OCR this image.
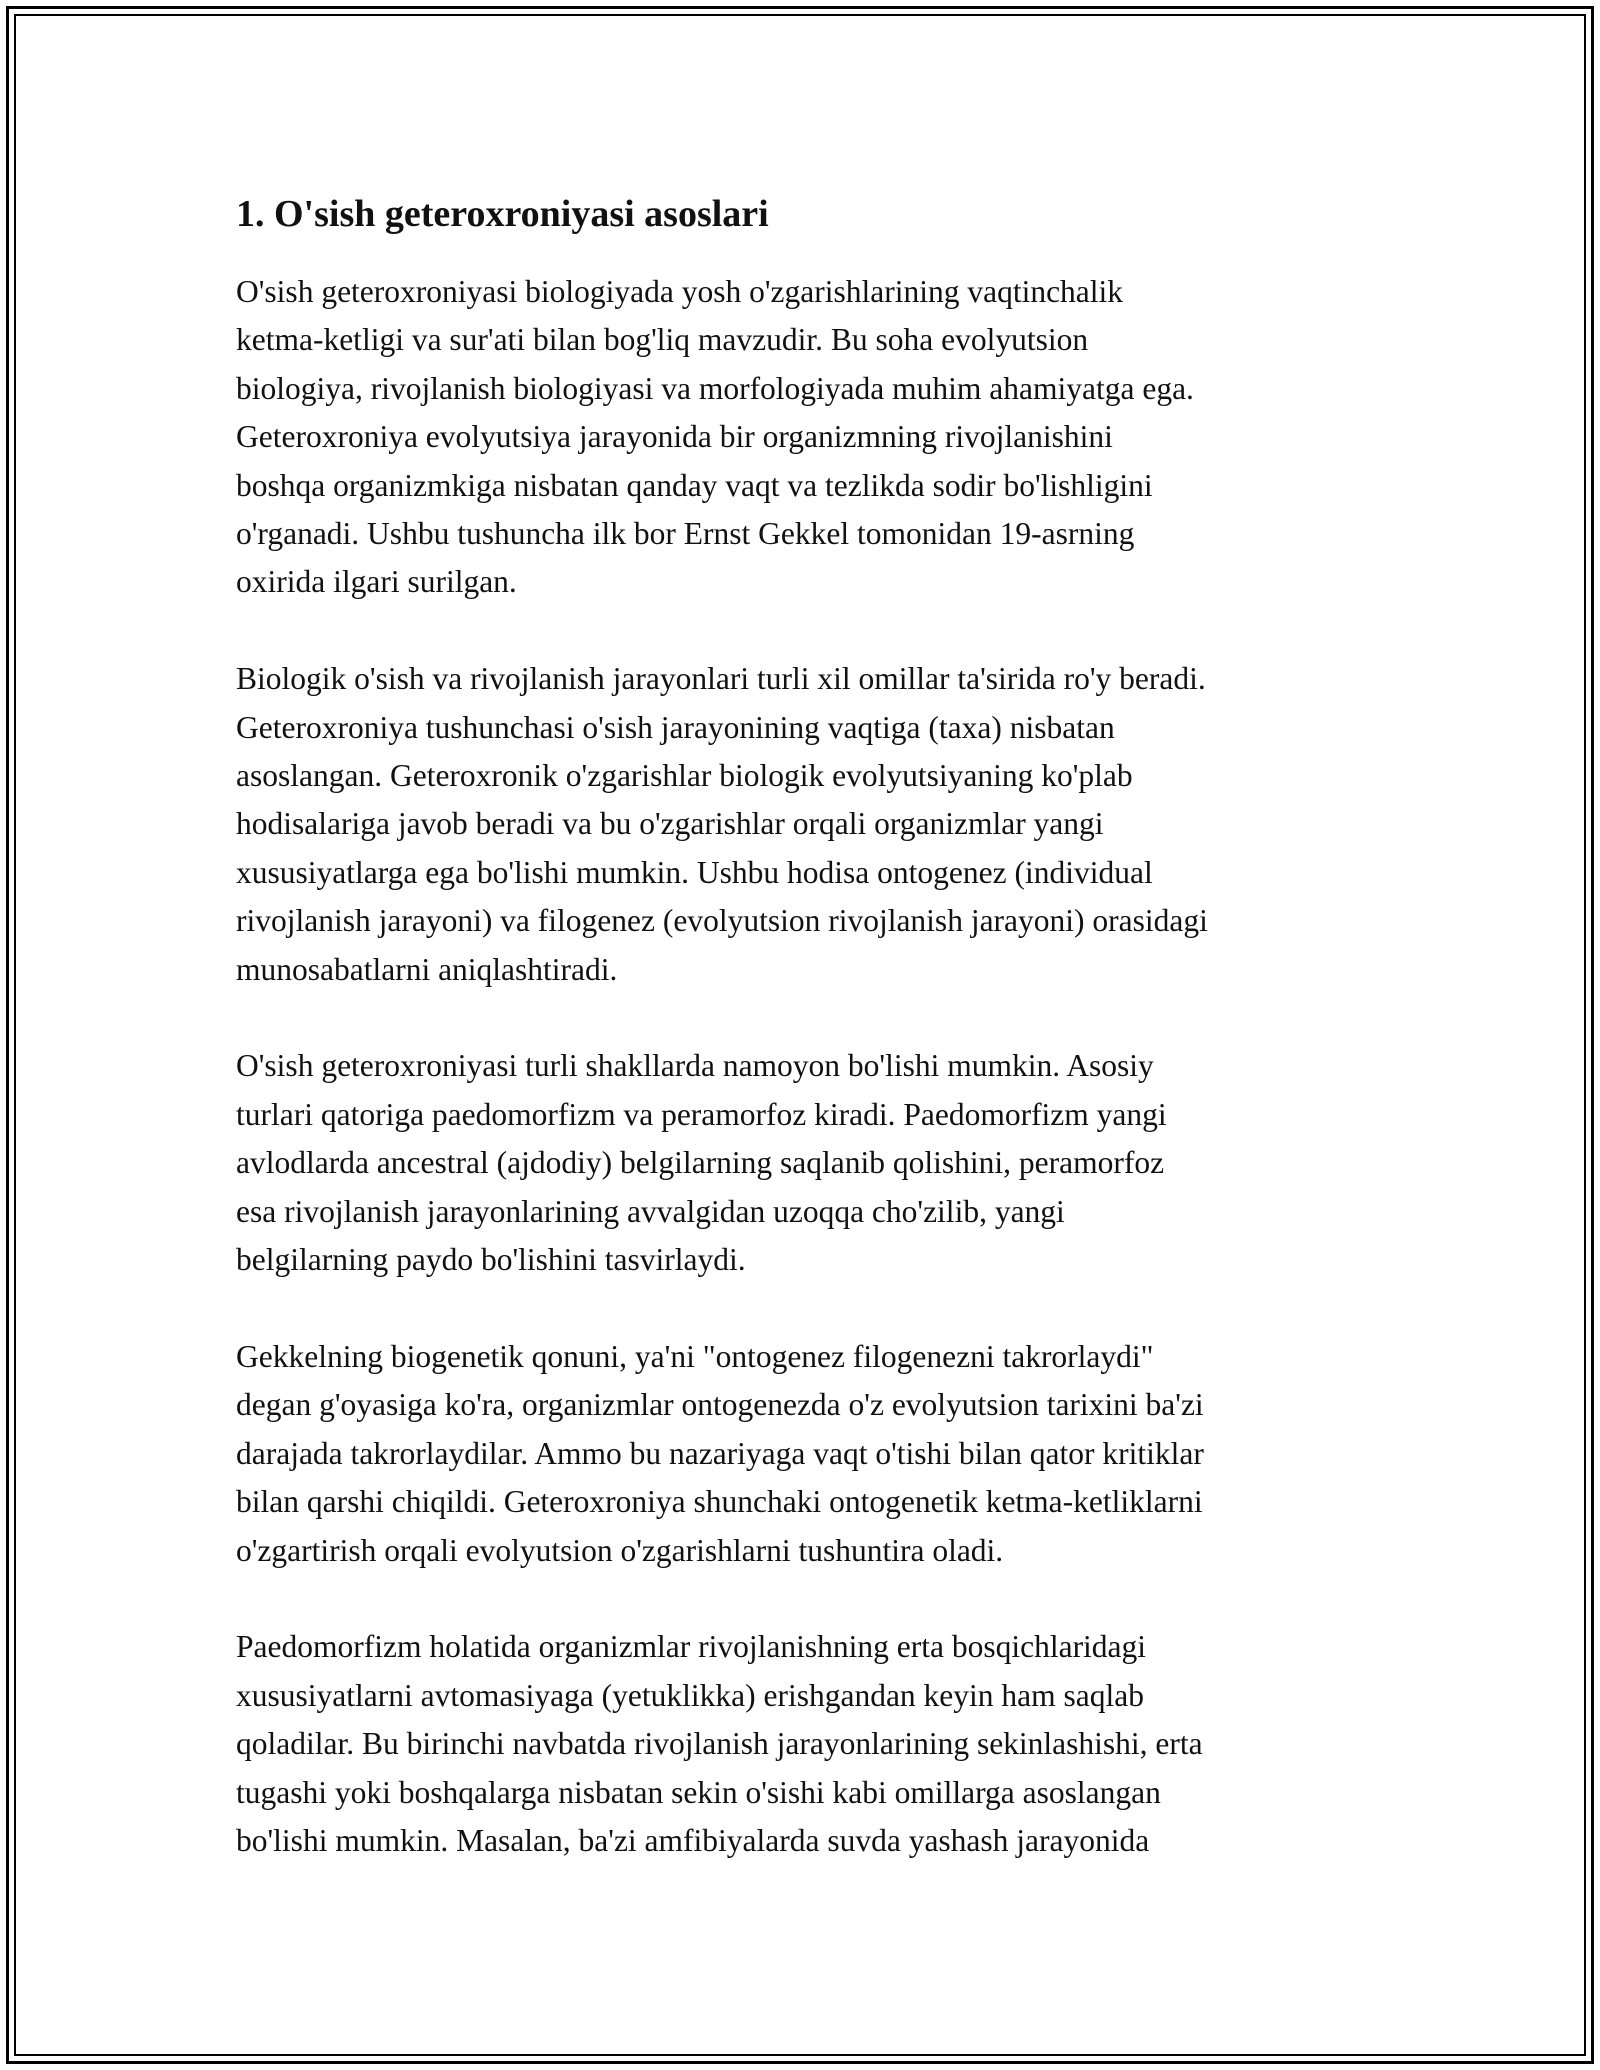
1. O'sish geteroxroniyasi asoslari

O'sish geteroxroniyasi biologiyada yosh o'zgarishlarining vaqtinchalik
ketma-ketligi va sur'ati bilan bog'liq mavzudir. Bu soha evolyutsion
biologiya, rivojlanish biologiyasi va morfologiyada muhim ahamiyatga ega.
Geteroxroniya evolyutsiya jarayonida bir organizmning rivojlanishini
boshqa organizmkiga nisbatan qanday vaqt va tezlikda sodir bo'lishligini
o'rganadi. Ushbu tushuncha ilk bor Ernst Gekkel tomonidan 19-asrning
oxirida ilgari surilgan.

Biologik o'sish va rivojlanish jarayonlari turli xil omillar ta'sirida ro'y beradi.
Geteroxroniya tushunchasi o'sish jarayonining vaqtiga (taxa) nisbatan
asoslangan. Geteroxronik o'zgarishlar biologik evolyutsiyaning ko'plab
hodisalariga javob beradi va bu o'zgarishlar orqali organizmlar yangi
xususiyatlarga ega bo'lishi mumkin. Ushbu hodisa ontogenez (individual
rivojlanish jarayoni) va filogenez (evolyutsion rivojlanish jarayoni) orasidagi
munosabatlarni aniqlashtiradi.

O'sish geteroxroniyasi turli shakllarda namoyon bo'lishi mumkin. Asosiy
turlari qatoriga paedomorfizm va peramorfoz kiradi. Paedomorfizm yangi
avlodlarda ancestral (ajdodiy) belgilarning saqlanib qolishini, peramorfoz
esa rivojlanish jarayonlarining avvalgidan uzoqqa cho'zilib, yangi
belgilarning paydo bo'lishini tasvirlaydi.

Gekkelning biogenetik qonuni, ya'ni "ontogenez filogenezni takrorlaydi"
degan g'oyasiga ko'ra, organizmlar ontogenezda o'z evolyutsion tarixini ba'zi
darajada takrorlaydilar. Ammo bu nazariyaga vaqt o'tishi bilan qator kritiklar
bilan qarshi chiqildi. Geteroxroniya shunchaki ontogenetik ketma-ketliklarni
o'zgartirish orqali evolyutsion o'zgarishlarni tushuntira oladi.

Paedomorfizm holatida organizmlar rivojlanishning erta bosqichlaridagi
xususiyatlarni avtomasiyaga (yetuklikka) erishgandan keyin ham saqlab
qoladilar. Bu birinchi navbatda rivojlanish jarayonlarining sekinlashishi, erta
tugashi yoki boshqalarga nisbatan sekin o'sishi kabi omillarga asoslangan
bo'lishi mumkin. Masalan, ba'zi amfibiyalarda suvda yashash jarayonida
